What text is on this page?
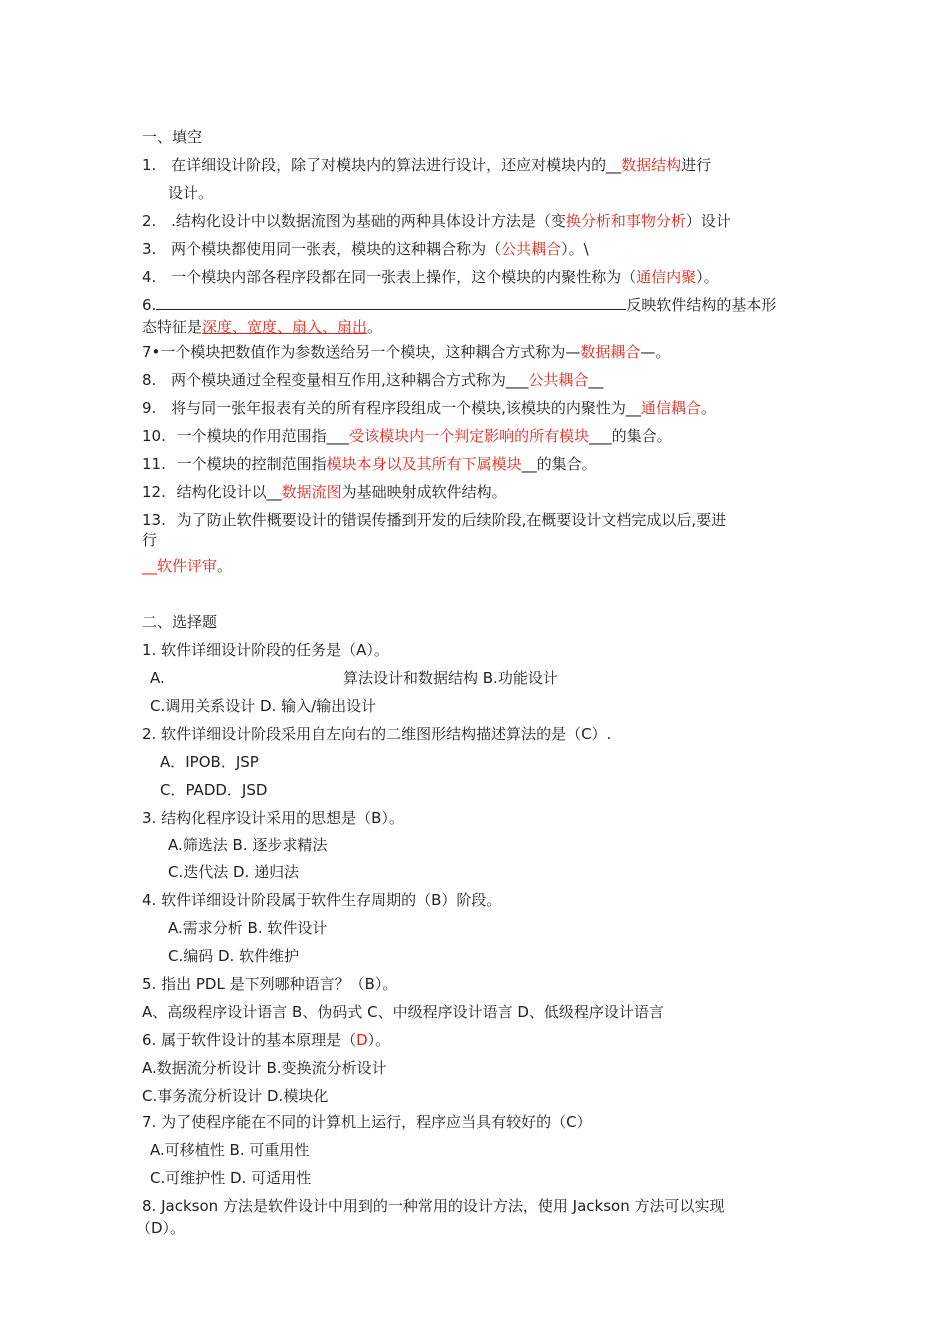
一、填空
1. 在详细设计阶段，除了对模块内的算法进行设计，还应对模块内的__数据结构进行
设计。
2. .结构化设计中以数据流图为基础的两种具体设计方法是（变换分析和事物分析）设计
3. 两个模块都使用同一张表，模块的这种耦合称为（公共耦合）。\
4. 一个模块内部各程序段都在同一张表上操作，这个模块的内聚性称为（通信内聚）。
6.	反映软件结构的基本形
态特征是深度、宽度、扇入、扇出。
7•一个模块把数值作为参数送给另一个模块，这种耦合方式称为—数据耦合—。
8. 两个模块通过全程变量相互作用,这种耦合方式称为___公共耦合__
9. 将与同一张年报表有关的所有程序段组成一个模块,该模块的内聚性为__通信耦合。
10. 一个模块的作用范围指___受该模块内一个判定影响的所有模块___的集合。
11. 一个模块的控制范围指模块本身以及其所有下属模块__的集合。
12. 结构化设计以__数据流图为基础映射成软件结构。
13. 为了防止软件概要设计的错误传播到开发的后续阶段,在概要设计文档完成以后,要进
行
__软件评审。
二、选择题
1. 软件详细设计阶段的任务是（A）。
A.	算法设计和数据结构 B.功能设计
C.调用关系设计 D. 输入/输出设计
2. 软件详细设计阶段采用自左向右的二维图形结构描述算法的是（C）.
A．IPOB．JSP
C．PADD．JSD
3. 结构化程序设计采用的思想是（B）。
A.筛选法 B. 逐步求精法
C.迭代法 D. 递归法
4. 软件详细设计阶段属于软件生存周期的（B）阶段。
A.需求分析 B. 软件设计
C.编码 D. 软件维护
5. 指出 PDL 是下列哪种语言？（B）。
A、高级程序设计语言 B、伪码式 C、中级程序设计语言 D、低级程序设计语言
6. 属于软件设计的基本原理是（D）。
A.数据流分析设计 B.变换流分析设计
C.事务流分析设计 D.模块化
7. 为了使程序能在不同的计算机上运行，程序应当具有较好的（C）
A.可移植性 B. 可重用性
C.可维护性 D. 可适用性
8. Jackson 方法是软件设计中用到的一种常用的设计方法，使用 Jackson 方法可以实现
（D）。
